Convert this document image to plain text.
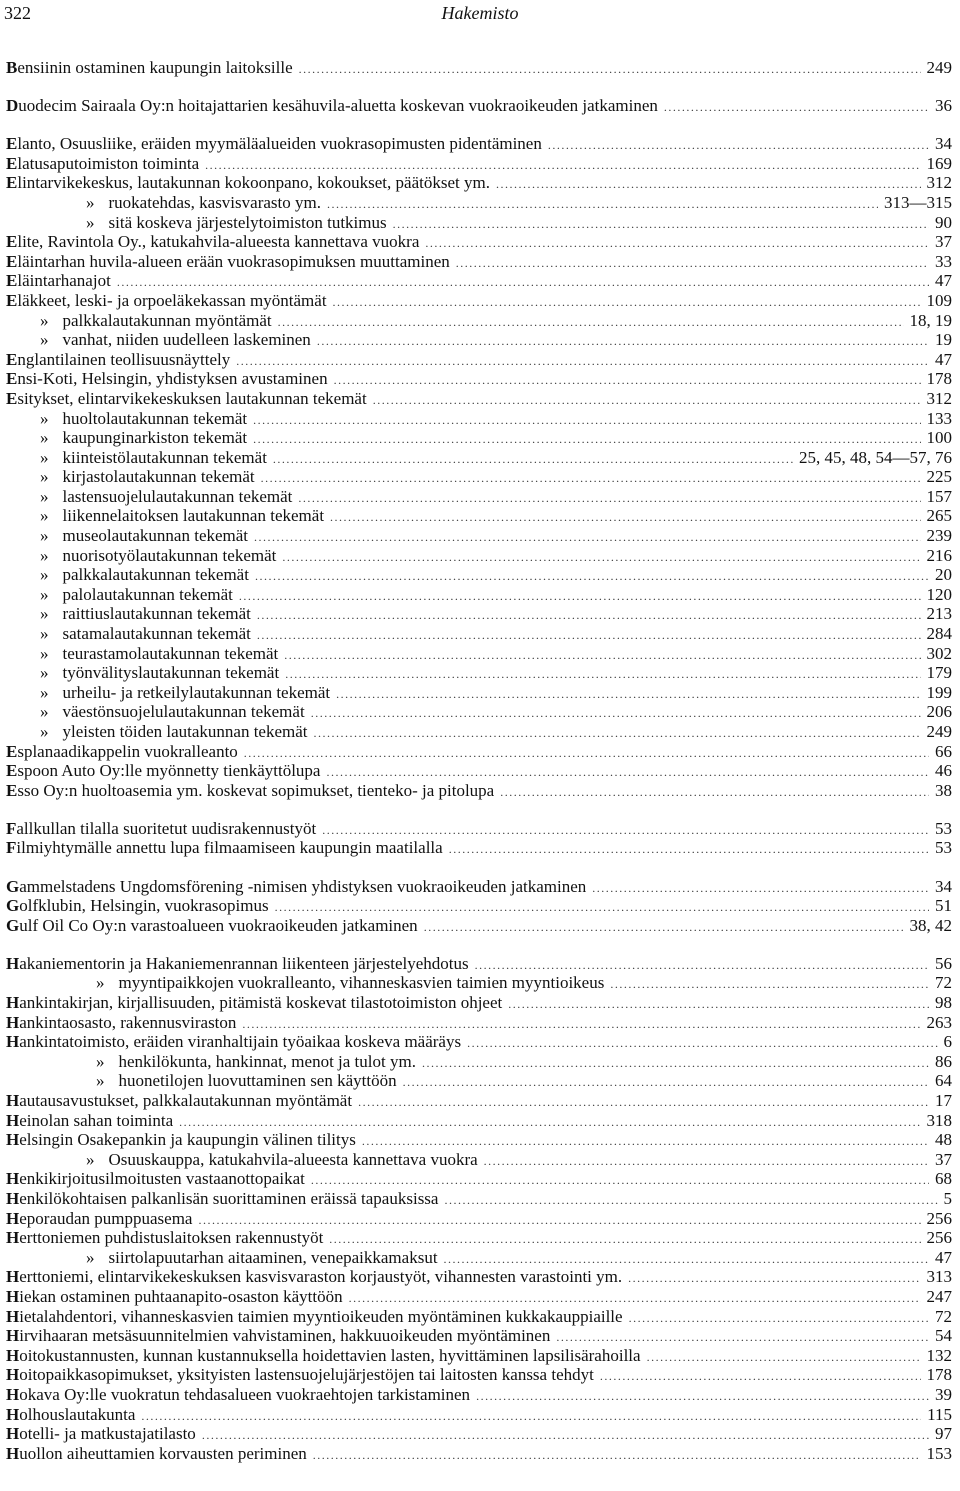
322	Hakemisto
Bensiinin ostaminen kaupungin laitoksille .....	249
Duodecim Sairaala Oy:n hoitajattarien kesähuvila-aluetta koskevan vuokraoikeuden jatkaminen .....	36
Elanto, Osuusliike, eräiden myymäläalueiden vuokrasopimusten pidentäminen .....	34
Elatusaputoimiston toiminta .....	169
Elintarvikekeskus, lautakunnan kokoonpano, kokoukset, päätökset ym. .....	312
» ruokatehdas, kasvisvarasto ym. .....	313—315
» sitä koskeva järjestelytoimiston tutkimus .....	90
Elite, Ravintola Oy., katukahvila-alueesta kannettava vuokra .....	37
Eläintarhan huvila-alueen erään vuokrasopimuksen muuttaminen .....	33
Eläintarhanajot .....	47
Eläkkeet, leski- ja orpoeläkekassan myöntämät .....	109
» palkkalautakunnan myöntämät .....	18, 19
» vanhat, niiden uudelleen laskeminen .....	19
Englantilainen teollisuusnäyttely .....	47
Ensi-Koti, Helsingin, yhdistyksen avustaminen .....	178
Esitykset, elintarvikekeskuksen lautakunnan tekemät .....	312
» huoltolautakunnan tekemät .....	133
» kaupunginarkiston tekemät .....	100
» kiinteistölautakunnan tekemät .....	25, 45, 48, 54—57, 76
» kirjastolautakunnan tekemät .....	225
» lastensuojelulautakunnan tekemät .....	157
» liikennelaitoksen lautakunnan tekemät .....	265
» museolautakunnan tekemät .....	239
» nuorisotyölautakunnan tekemät .....	216
» palkkalautakunnan tekemät .....	20
» palolautakunnan tekemät .....	120
» raittiuslautakunnan tekemät .....	213
» satamalautakunnan tekemät .....	284
» teurastamolautakunnan tekemät .....	302
» työnvälityslautakunnan tekemät .....	179
» urheilu- ja retkeilylautakunnan tekemät .....	199
» väestönsuojelulautakunnan tekemät .....	206
» yleisten töiden lautakunnan tekemät .....	249
Esplanaadikappelin vuokralleanto .....	66
Espoon Auto Oy:lle myönnetty tienkäyttölupa .....	46
Esso Oy:n huoltoasemia ym. koskevat sopimukset, tienteko- ja pitolupa .....	38
Fallkullan tilalla suoritetut uudisrakennustyöt .....	53
Filmiyhtymälle annettu lupa filmaamiseen kaupungin maatilalla .....	53
Gammelstadens Ungdomsförening -nimisen yhdistyksen vuokraoikeuden jatkaminen .....	34
Golfklubin, Helsingin, vuokrasopimus .....	51
Gulf Oil Co Oy:n varastoalueen vuokraoikeuden jatkaminen .....	38, 42
Hakaniementorin ja Hakaniemenrannan liikenteen järjestelyehdotus .....	56
» myyntipaikkojen vuokralleanto, vihanneskasvien taimien myyntioikeus .....	72
Hankintakirjan, kirjallisuuden, pitämistä koskevat tilastotoimiston ohjeet .....	98
Hankintaosasto, rakennusviraston .....	263
Hankintatoimisto, eräiden viranhaltijain työaikaa koskeva määräys .....	6
» henkilökunta, hankinnat, menot ja tulot ym. .....	86
» huonetilojen luovuttaminen sen käyttöön .....	64
Hautausavustukset, palkkalautakunnan myöntämät .....	17
Heinolan sahan toiminta .....	318
Helsingin Osakepankin ja kaupungin välinen tilitys .....	48
» Osuuskauppa, katukahvila-alueesta kannettava vuokra .....	37
Henkikirjoitusilmoitusten vastaanottopaikat .....	68
Henkilökohtaisen palkanlisän suorittaminen eräissä tapauksissa .....	5
Heporaudan pumppuasema .....	256
Herttoniemen puhdistuslaitoksen rakennustyöt .....	256
» siirtolapuutarhan aitaaminen, venepaikkamaksut .....	47
Herttoniemi, elintarvikekeskuksen kasvisvaraston korjaustyöt, vihannesten varastointi ym. .....	313
Hiekan ostaminen puhtaanapito-osaston käyttöön .....	247
Hietalahdentori, vihanneskasvien taimien myyntioikeuden myöntäminen kukkakauppiaille .....	72
Hirvihaaran metsäsuunnitelmien vahvistaminen, hakkuuoikeuden myöntäminen .....	54
Hoitokustannusten, kunnan kustannuksella hoidettavien lasten, hyvittäminen lapsilisärahoilla .....	132
Hoitopaikkasopimukset, yksityisten lastensuojelujärjestöjen tai laitosten kanssa tehdyt .....	178
Hokava Oy:lle vuokratun tehdasalueen vuokraehtojen tarkistaminen .....	39
Holhouslautakunta .....	115
Hotelli- ja matkustajatilasto .....	97
Huollon aiheuttamien korvausten periminen .....	153
